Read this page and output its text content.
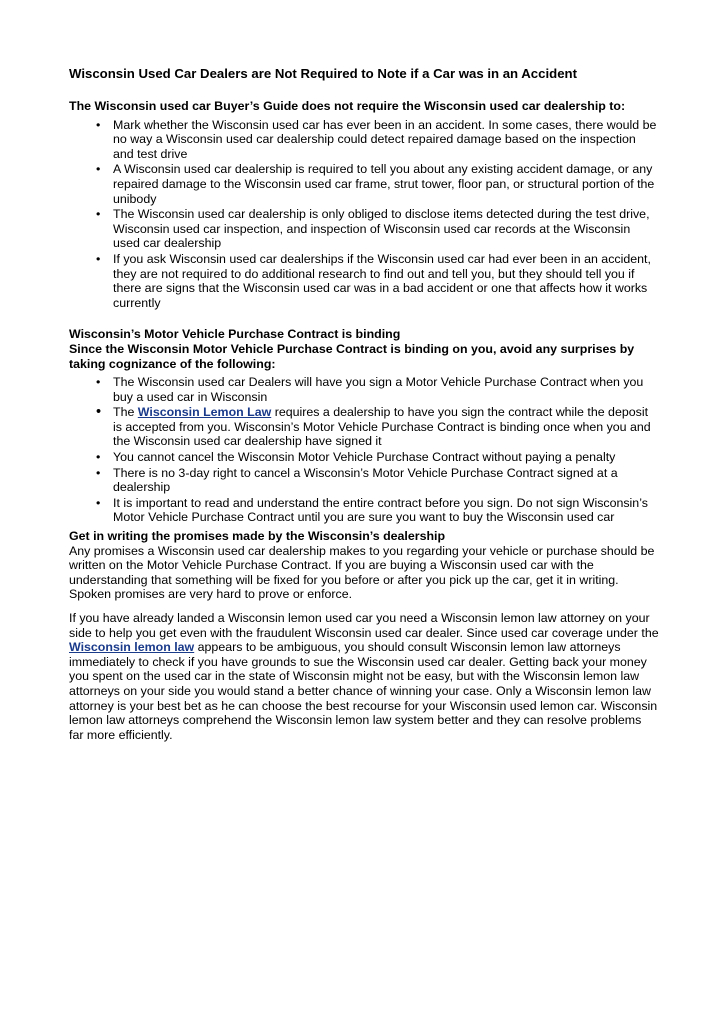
Wisconsin Used Car Dealers are Not Required to Note if a Car was in an Accident

The Wisconsin used car Buyer’s Guide does not require the Wisconsin used car dealership to:

•	Mark whether the Wisconsin used car has ever been in an accident. In some cases, there would be no way a Wisconsin used car dealership could detect repaired damage based on the inspection and test drive
•	A Wisconsin used car dealership is required to tell you about any existing accident damage, or any repaired damage to the Wisconsin used car frame, strut tower, floor pan, or structural portion of the unibody
•	The Wisconsin used car dealership is only obliged to disclose items detected during the test drive, Wisconsin used car inspection, and inspection of Wisconsin used car records at the Wisconsin used car dealership
•	If you ask Wisconsin used car dealerships if the Wisconsin used car had ever been in an accident, they are not required to do additional research to find out and tell you, but they should tell you if there are signs that the Wisconsin used car was in a bad accident or one that affects how it works currently

Wisconsin’s Motor Vehicle Purchase Contract is binding

Since the Wisconsin Motor Vehicle Purchase Contract is binding on you, avoid any surprises by taking cognizance of the following:

•	The Wisconsin used car Dealers will have you sign a Motor Vehicle Purchase Contract when you buy a used car in Wisconsin
• The Wisconsin Lemon Law requires a dealership to have you sign the contract while the deposit is accepted from you. Wisconsin’s Motor Vehicle Purchase Contract is binding once when you and the Wisconsin used car dealership have signed it
•	You cannot cancel the Wisconsin Motor Vehicle Purchase Contract without paying a penalty
•	There is no 3-day right to cancel a Wisconsin’s Motor Vehicle Purchase Contract signed at a dealership
•	It is important to read and understand the entire contract before you sign. Do not sign Wisconsin’s Motor Vehicle Purchase Contract until you are sure you want to buy the Wisconsin used car

Get in writing the promises made by the Wisconsin’s dealership

Any promises a Wisconsin used car dealership makes to you regarding your vehicle or purchase should be written on the Motor Vehicle Purchase Contract. If you are buying a Wisconsin used car with the understanding that something will be fixed for you before or after you pick up the car, get it in writing. Spoken promises are very hard to prove or enforce.

If you have already landed a Wisconsin lemon used car you need a Wisconsin lemon law attorney on your side to help you get even with the fraudulent Wisconsin used car dealer. Since used car coverage under the Wisconsin lemon law appears to be ambiguous, you should consult Wisconsin lemon law attorneys immediately to check if you have grounds to sue the Wisconsin used car dealer. Getting back your money you spent on the used car in the state of Wisconsin might not be easy, but with the Wisconsin lemon law attorneys on your side you would stand a better chance of winning your case. Only a Wisconsin lemon law attorney is your best bet as he can choose the best recourse for your Wisconsin used lemon car. Wisconsin lemon law attorneys comprehend the Wisconsin lemon law system better and they can resolve problems far more efficiently.
